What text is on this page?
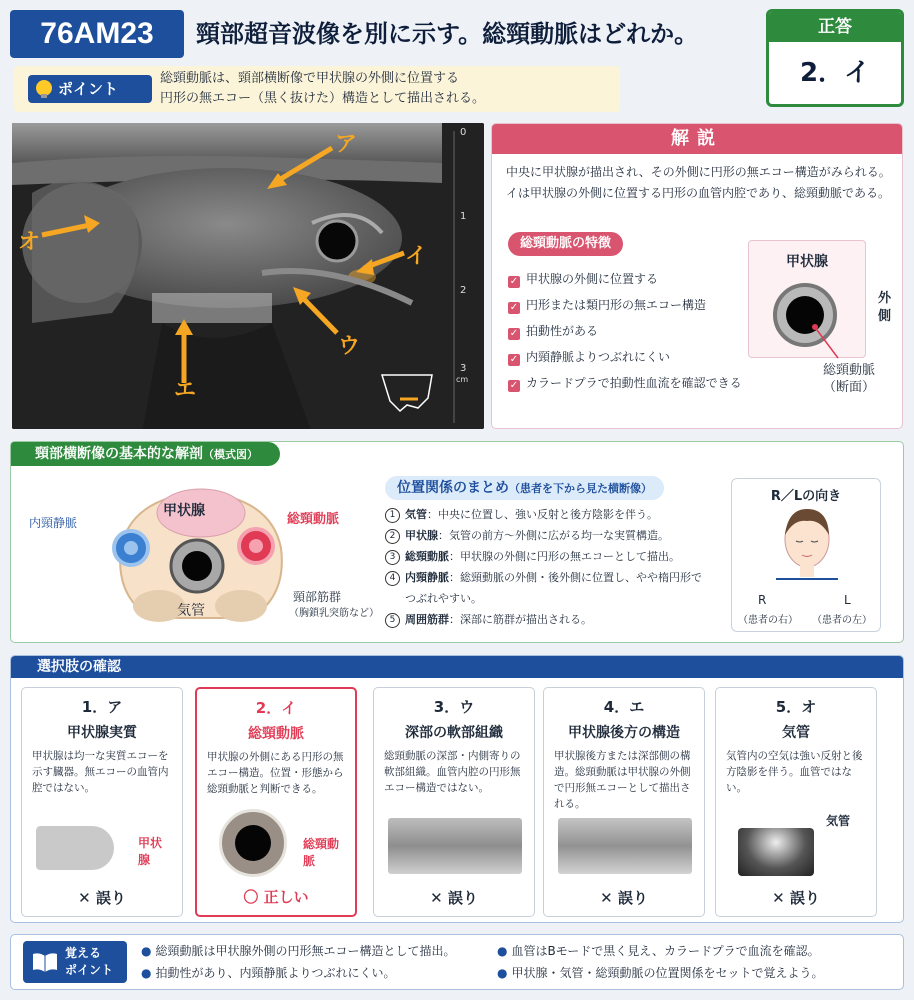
76AM23	頸部超音波像を別に示す。総頸動脈はどれか。	正答
2．イ
ポイント
総頸動脈は、頸部横断像で甲状腺の外側に位置する
円形の無エコー（黒く抜けた）構造として描出される。
ア
イ
ウ
エ
オ
0
1
2
3
cm
解説
中央に甲状腺が描出され、その外側に円形の無エコー構造がみられる。イは甲状腺の外側に位置する円形の血管内腔であり、総頸動脈である。
総頸動脈の特徴
✓ 甲状腺の外側に位置する
✓ 円形または類円形の無エコー構造
✓ 拍動性がある
✓ 内頸静脈よりつぶれにくい
✓ カラードプラで拍動性血流を確認できる
甲状腺
外
側
総頸動脈
（断面）
頸部横断像の基本的な解剖（模式図）
甲状腺
内頸静脈	総頸動脈
気管
頸部筋群
（胸鎖乳突筋など）
位置関係のまとめ（患者を下から見た横断像）
1 気管：中央に位置し、強い反射と後方陰影を伴う。
2 甲状腺：気管の前方〜外側に広がる均一な実質構造。
3 総頸動脈：甲状腺の外側に円形の無エコーとして描出。
4 内頸静脈：総頸動脈の外側・後外側に位置し、やや楕円形で
つぶれやすい。
5 周囲筋群：深部に筋群が描出される。
R／Lの向き
R
（患者の右）
L
（患者の左）
選択肢の確認
1．ア
甲状腺実質
甲状腺は均一な実質エコーを示す臓器。無エコーの血管内腔ではない。
甲状腺
✕ 誤り
2．イ
総頸動脈
甲状腺の外側にある円形の無エコー構造。位置・形態から総頸動脈と判断できる。
総頸動脈
〇 正しい
3．ウ
深部の軟部組織
総頸動脈の深部・内側寄りの軟部組織。血管内腔の円形無エコー構造ではない。
✕ 誤り
4．エ
甲状腺後方の構造
甲状腺後方または深部側の構造。総頸動脈は甲状腺の外側で円形無エコーとして描出される。
✕ 誤り
5．オ
気管
気管内の空気は強い反射と後方陰影を伴う。血管ではない。
気管
✕ 誤り
覚える
ポイント
● 総頸動脈は甲状腺外側の円形無エコー構造として描出。	● 血管はBモードで黒く見え、カラードプラで血流を確認。
● 拍動性があり、内頸静脈よりつぶれにくい。	● 甲状腺・気管・総頸動脈の位置関係をセットで覚えよう。
